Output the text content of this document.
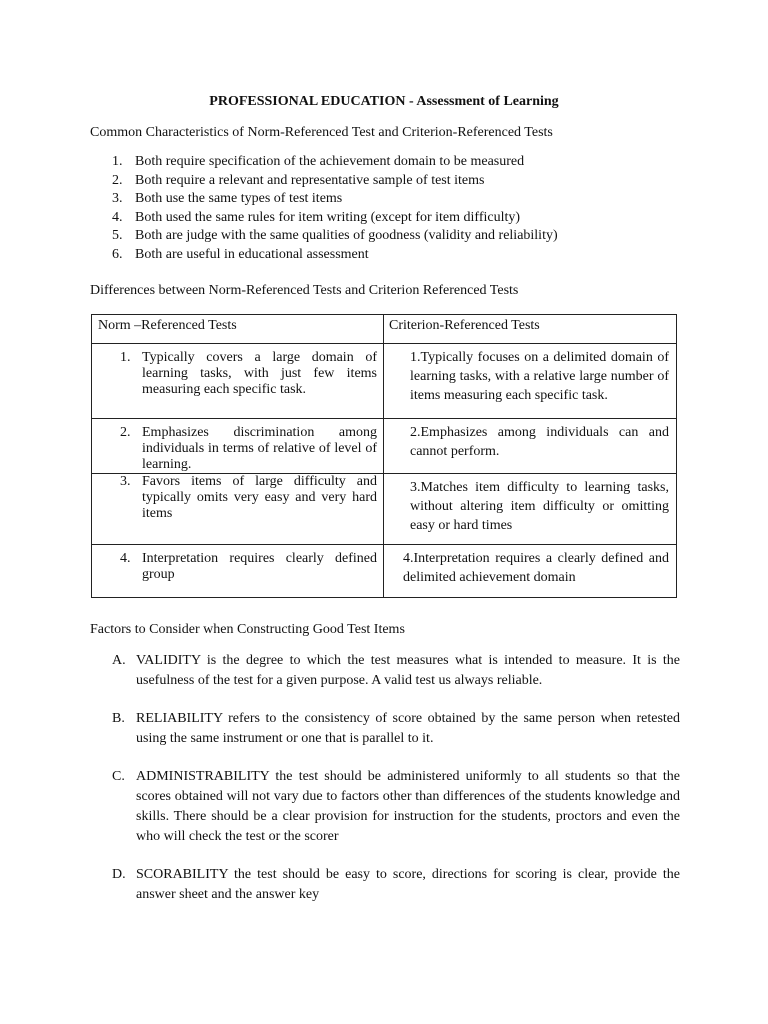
PROFESSIONAL EDUCATION - Assessment of Learning
Common Characteristics of Norm-Referenced Test and Criterion-Referenced Tests
1. Both require specification of the achievement domain to be measured
2. Both require a relevant and representative sample of test items
3. Both use the same types of test items
4. Both used the same rules for item writing (except for item difficulty)
5. Both are judge with the same qualities of goodness (validity and reliability)
6. Both are useful in educational assessment
Differences between Norm-Referenced Tests and Criterion Referenced Tests
Norm –Referenced Tests	Criterion-Referenced Tests

1. Typically covers a large domain of learning tasks, with just few items measuring each specific task.	1.Typically focuses on a delimited domain of learning tasks, with a relative large number of items measuring each specific task.

2. Emphasizes discrimination among individuals in terms of relative of level of learning.	2.Emphasizes among individuals can and cannot perform.

3. Favors items of large difficulty and typically omits very easy and very hard items	3.Matches item difficulty to learning tasks, without altering item difficulty or omitting easy or hard times

4. Interpretation requires clearly defined group	4.Interpretation requires a clearly defined and delimited achievement domain
Factors to Consider when Constructing Good Test Items
A. VALIDITY is the degree to which the test measures what is intended to measure. It is the usefulness of the test for a given purpose. A valid test us always reliable.
B. RELIABILITY refers to the consistency of score obtained by the same person when retested using the same instrument or one that is parallel to it.
C. ADMINISTRABILITY the test should be administered uniformly to all students so that the scores obtained will not vary due to factors other than differences of the students knowledge and skills. There should be a clear provision for instruction for the students, proctors and even the who will check the test or the scorer
D. SCORABILITY the test should be easy to score, directions for scoring is clear, provide the answer sheet and the answer key
